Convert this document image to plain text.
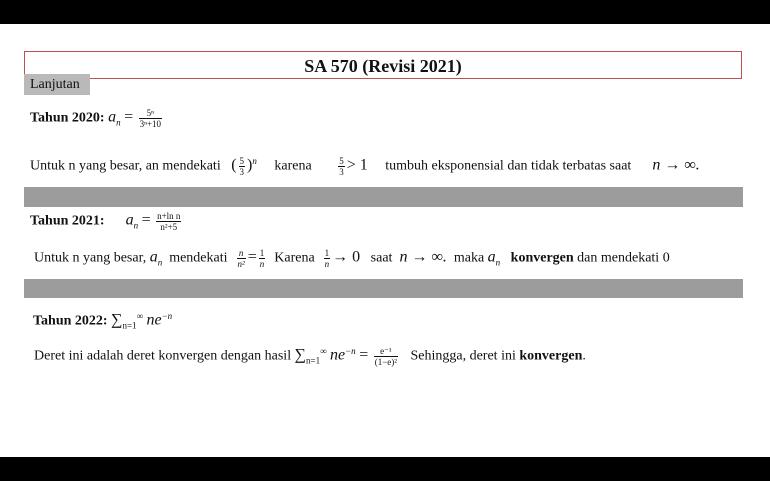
SA 570 (Revisi 2021)
Lanjutan
Tahun 2020: $a_n = \frac{\text{5ⁿ}}{\text{3ⁿ+10}}$
Untuk n yang besar, an mendekati ( $\frac{5}{3} )^n$ karena	$\frac{5}{3} > 1$ tumbuh eksponensial dan tidak terbatas saat n → ∞.
Tahun 2021: $a_n = \frac{\text{n+ln n}}{\text{n²+5}}$
Untuk n yang besar, $a_n$ mendekati $\frac{n}{\text{n²}} = \frac{1}{n}$ Karena $\frac{1}{n} \to 0$ saat n → ∞. maka $a_n$ konvergen dan mendekati 0
Tahun 2022: $\sum_{n=1}^\infty$ $ne^{-n}$
Deret ini adalah deret konvergen dengan hasil $\sum_{n=1}^\infty$ $ne^{-n} = \frac{\text{e⁻¹}}{\text{(1−e)²}}$ Sehingga, deret ini konvergen.
